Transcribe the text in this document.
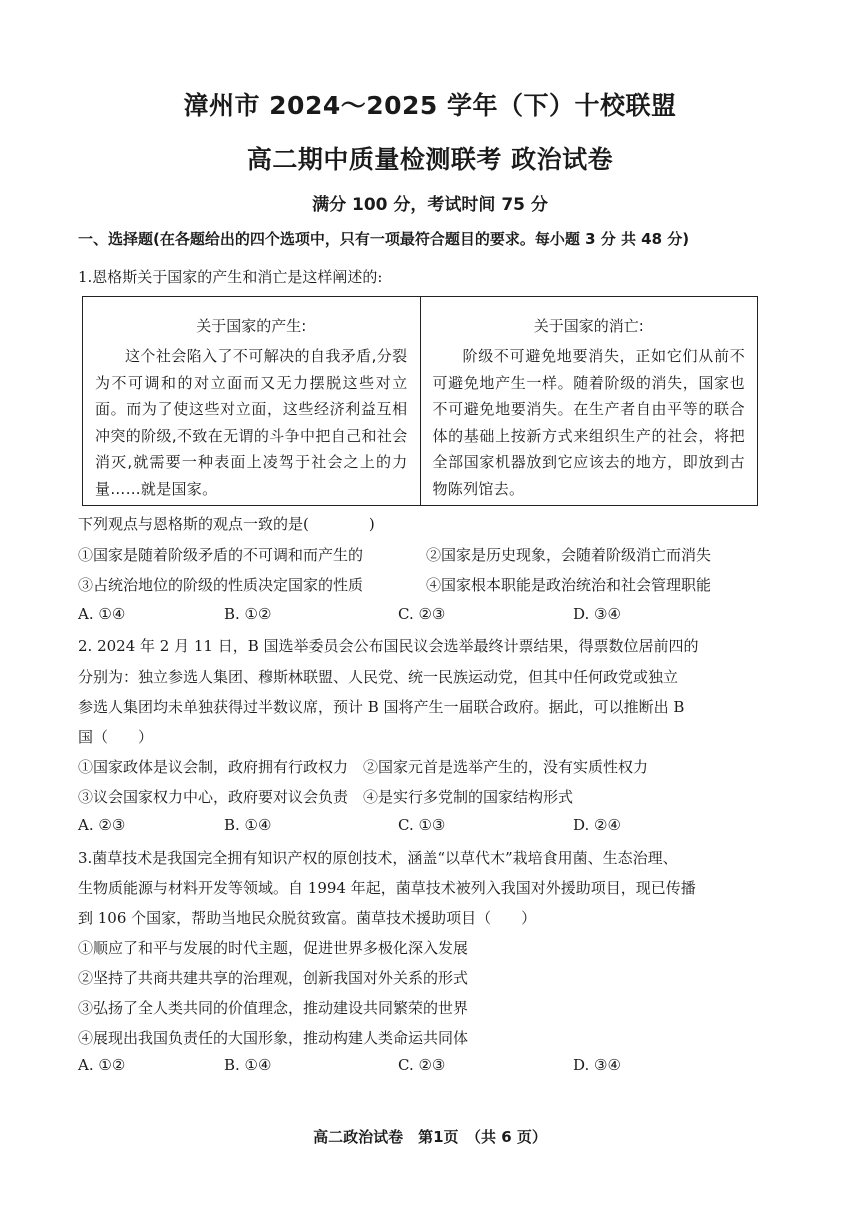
漳州市 2024～2025 学年（下）十校联盟
高二期中质量检测联考 政治试卷
满分 100 分，考试时间 75 分
一、选择题(在各题给出的四个选项中，只有一项最符合题目的要求。每小题 3 分 共 48 分)
1.恩格斯关于国家的产生和消亡是这样阐述的:
关于国家的产生:
这个社会陷入了不可解决的自我矛盾,分裂为不可调和的对立面而又无力摆脱这些对立面。而为了使这些对立面，这些经济利益互相冲突的阶级,不致在无谓的斗争中把自己和社会消灭,就需要一种表面上凌驾于社会之上的力量……就是国家。
关于国家的消亡:
阶级不可避免地要消失，正如它们从前不可避免地产生一样。随着阶级的消失，国家也不可避免地要消失。在生产者自由平等的联合体的基础上按新方式来组织生产的社会，将把全部国家机器放到它应该去的地方，即放到古物陈列馆去。
下列观点与恩格斯的观点一致的是(　　　　)
①国家是随着阶级矛盾的不可调和而产生的	②国家是历史现象，会随着阶级消亡而消失
③占统治地位的阶级的性质决定国家的性质	④国家根本职能是政治统治和社会管理职能
A. ①④	B. ①②	C. ②③	D. ③④
2. 2024 年 2 月 11 日，B 国选举委员会公布国民议会选举最终计票结果，得票数位居前四的
分别为：独立参选人集团、穆斯林联盟、人民党、统一民族运动党，但其中任何政党或独立
参选人集团均未单独获得过半数议席，预计 B 国将产生一届联合政府。据此，可以推断出 B
国（　　）
①国家政体是议会制，政府拥有行政权力　②国家元首是选举产生的，没有实质性权力
③议会国家权力中心，政府要对议会负责　④是实行多党制的国家结构形式
A. ②③	B. ①④	C. ①③	D. ②④
3.菌草技术是我国完全拥有知识产权的原创技术，涵盖“以草代木”栽培食用菌、生态治理、
生物质能源与材料开发等领域。自 1994 年起，菌草技术被列入我国对外援助项目，现已传播
到 106 个国家，帮助当地民众脱贫致富。菌草技术援助项目（　　）
①顺应了和平与发展的时代主题，促进世界多极化深入发展
②坚持了共商共建共享的治理观，创新我国对外关系的形式
③弘扬了全人类共同的价值理念，推动建设共同繁荣的世界
④展现出我国负责任的大国形象，推动构建人类命运共同体
A. ①②	B. ①④	C. ②③	D. ③④
高二政治试卷　第1页　（共 6 页）
